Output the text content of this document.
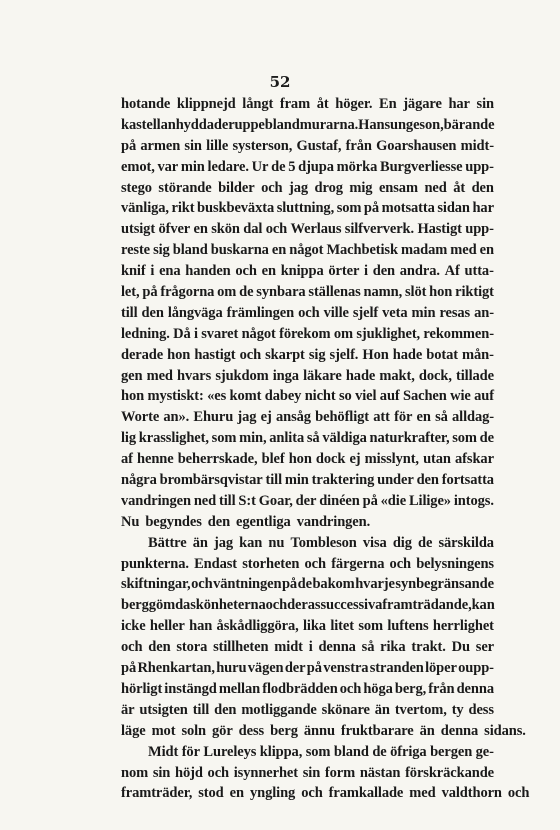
52
hotande klippnejd långt fram åt höger. En jägare har sin
kastellanhydda deruppe bland murarna. Hans unge son, bärande
på armen sin lille systerson, Gustaf, från Goarshausen midt-
emot, var min ledare. Ur de 5 djupa mörka Burgverliesse upp-
stego störande bilder och jag drog mig ensam ned åt den
vänliga, rikt buskbeväxta sluttning, som på motsatta sidan har
utsigt öfver en skön dal och Werlaus silfververk. Hastigt upp-
reste sig bland buskarna en något Machbetisk madam med en
knif i ena handen och en knippa örter i den andra. Af utta-
let, på frågorna om de synbara ställenas namn, slöt hon riktigt
till den långväga främlingen och ville sjelf veta min resas an-
ledning. Då i svaret något förekom om sjuklighet, rekommen-
derade hon hastigt och skarpt sig sjelf. Hon hade botat mån-
gen med hvars sjukdom inga läkare hade makt, dock, tillade
hon mystiskt: «es komt dabey nicht so viel auf Sachen wie auf
Worte an». Ehuru jag ej ansåg behöfligt att för en så alldag-
lig krasslighet, som min, anlita så väldiga naturkrafter, som de
af henne beherrskade, blef hon dock ej misslynt, utan afskar
några brombärsqvistar till min traktering under den fortsatta
vandringen ned till S:t Goar, der dinéen på «die Lilige» intogs.
Nu begyndes den egentliga vandringen.
Bättre än jag kan nu Tombleson visa dig de särskilda
punkterna. Endast storheten och färgerna och belysningens
skiftningar, och väntningen på de bakom hvarje synbegränsande
berg gömda skönheterna och deras successiva framträdande, kan
icke heller han åskådliggöra, lika litet som luftens herrlighet
och den stora stillheten midt i denna så rika trakt. Du ser
på Rhenkartan, huru vägen der på venstra stranden löper oupp-
hörligt instängd mellan flodbrädden och höga berg, från denna
är utsigten till den motliggande skönare än tvertom, ty dess
läge mot soln gör dess berg ännu fruktbarare än denna sidans.
Midt för Lureleys klippa, som bland de öfriga bergen ge-
nom sin höjd och isynnerhet sin form nästan förskräckande
framträder, stod en yngling och framkallade med valdthorn och
